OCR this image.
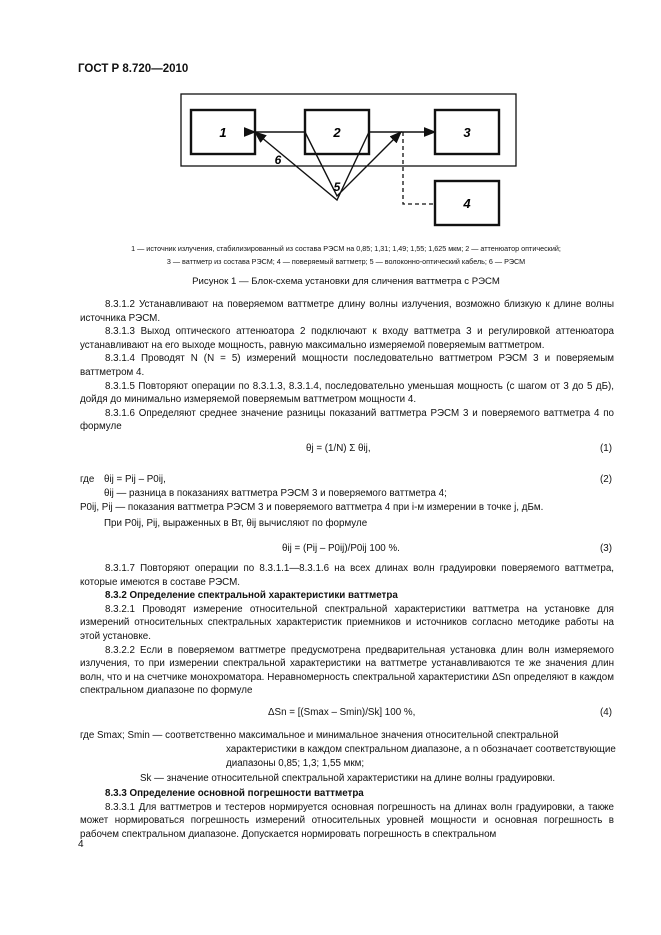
ГОСТ Р 8.720—2010
1	2	3
4
6
5
1 — источник излучения, стабилизированный из состава РЭСМ на 0,85; 1,31; 1,49; 1,55; 1,625 мкм; 2 — аттенюатор оптический;
3 — ваттметр из состава РЭСМ; 4 — поверяемый ваттметр; 5 — волоконно-оптический кабель; 6 — РЭСМ
Рисунок 1 — Блок-схема установки для сличения ваттметра с РЭСМ

8.3.1.2 Устанавливают на поверяемом ваттметре длину волны излучения, возможно близкую к длине волны источника РЭСМ.

8.3.1.3 Выход оптического аттенюатора 2 подключают к входу ваттметра 3 и регулировкой аттенюатора устанавливают на его выходе мощность, равную максимально измеряемой поверяемым ваттметром.

8.3.1.4 Проводят N (N = 5) измерений мощности последовательно ваттметром РЭСМ 3 и поверяемым ваттметром 4.

8.3.1.5 Повторяют операции по 8.3.1.3, 8.3.1.4, последовательно уменьшая мощность (с шагом от 3 до 5 дБ), дойдя до минимально измеряемой поверяемым ваттметром мощности 4.

8.3.1.6 Определяют среднее значение разницы показаний ваттметра РЭСМ 3 и поверяемого ваттметра 4 по формуле

θj = (1/N) Σ θij,	(1)
где θij = Pij – P0ij,	(2)
θij — разница в показаниях ваттметра РЭСМ 3 и поверяемого ваттметра 4;
P0ij, Pij — показания ваттметра РЭСМ 3 и поверяемого ваттметра 4 при i-м измерении в точке j, дБм.
При P0ij, Pij, выраженных в Вт, θij вычисляют по формуле
θij = (Pij – P0ij)/P0ij 100 %.	(3)

8.3.1.7 Повторяют операции по 8.3.1.1—8.3.1.6 на всех длинах волн градуировки поверяемого ваттметра, которые имеются в составе РЭСМ.

8.3.2 Определение спектральной характеристики ваттметра

8.3.2.1 Проводят измерение относительной спектральной характеристики ваттметра на установке для измерений относительных спектральных характеристик приемников и источников согласно методике работы на этой установке.

8.3.2.2 Если в поверяемом ваттметре предусмотрена предварительная установка длин волн измеряемого излучения, то при измерении спектральной характеристики на ваттметре устанавливаются те же значения длин волн, что и на счетчике монохроматора. Неравномерность спектральной характеристики ΔSn определяют в каждом спектральном диапазоне по формуле

ΔSn = [(Smax – Smin)/Sk] 100 %,	(4)
где Smax; Smin — соответственно максимальное и минимальное значения относительной спектральной
характеристики в каждом спектральном диапазоне, а n обозначает соответствующие
диапазоны 0,85; 1,3; 1,55 мкм;
Sk — значение относительной спектральной характеристики на длине волны градуировки.

8.3.3 Определение основной погрешности ваттметра

8.3.3.1 Для ваттметров и тестеров нормируется основная погрешность на длинах волн градуировки, а также может нормироваться погрешность измерений относительных уровней мощности и основная погрешность в рабочем спектральном диапазоне. Допускается нормировать погрешность в спектральном

4
